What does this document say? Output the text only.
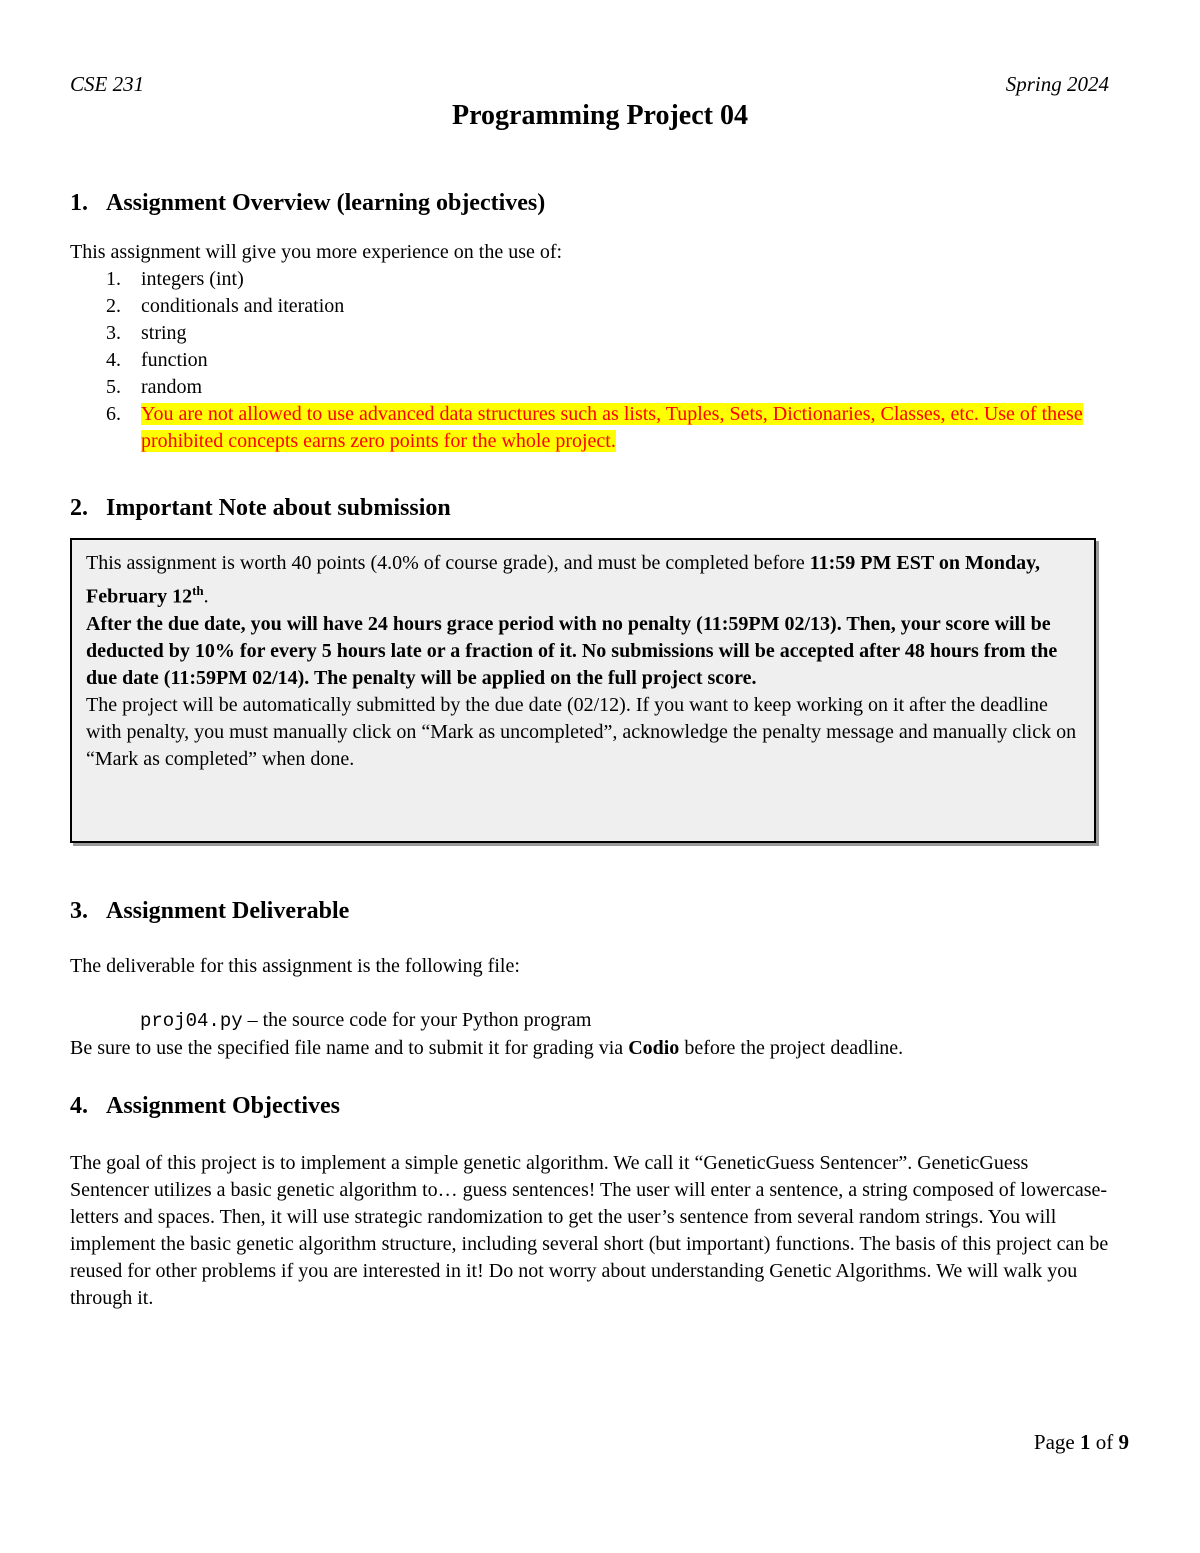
CSE 231	Spring 2024
Programming Project 04
1. Assignment Overview (learning objectives)

This assignment will give you more experience on the use of:

1. integers (int)
2. conditionals and iteration
3. string
4. function
5. random
6. You are not allowed to use advanced data structures such as lists, Tuples, Sets, Dictionaries, Classes, etc. Use of these prohibited concepts earns zero points for the whole project.
2. Important Note about submission

This assignment is worth 40 points (4.0% of course grade), and must be completed before 11:59 PM EST on Monday, February 12th.

After the due date, you will have 24 hours grace period with no penalty (11:59PM 02/13). Then, your score will be deducted by 10% for every 5 hours late or a fraction of it. No submissions will be accepted after 48 hours from the due date (11:59PM 02/14). The penalty will be applied on the full project score.

The project will be automatically submitted by the due date (02/12). If you want to keep working on it after the deadline with penalty, you must manually click on “Mark as uncompleted”, acknowledge the penalty message and manually click on “Mark as completed” when done.

3. Assignment Deliverable

The deliverable for this assignment is the following file:

proj04.py – the source code for your Python program

Be sure to use the specified file name and to submit it for grading via Codio before the project deadline.

4. Assignment Objectives

The goal of this project is to implement a simple genetic algorithm. We call it “GeneticGuess Sentencer”. GeneticGuess Sentencer utilizes a basic genetic algorithm to… guess sentences! The user will enter a sentence, a string composed of lowercase-letters and spaces. Then, it will use strategic randomization to get the user’s sentence from several random strings. You will implement the basic genetic algorithm structure, including several short (but important) functions. The basis of this project can be reused for other problems if you are interested in it! Do not worry about understanding Genetic Algorithms. We will walk you through it.

Page 1 of 9
